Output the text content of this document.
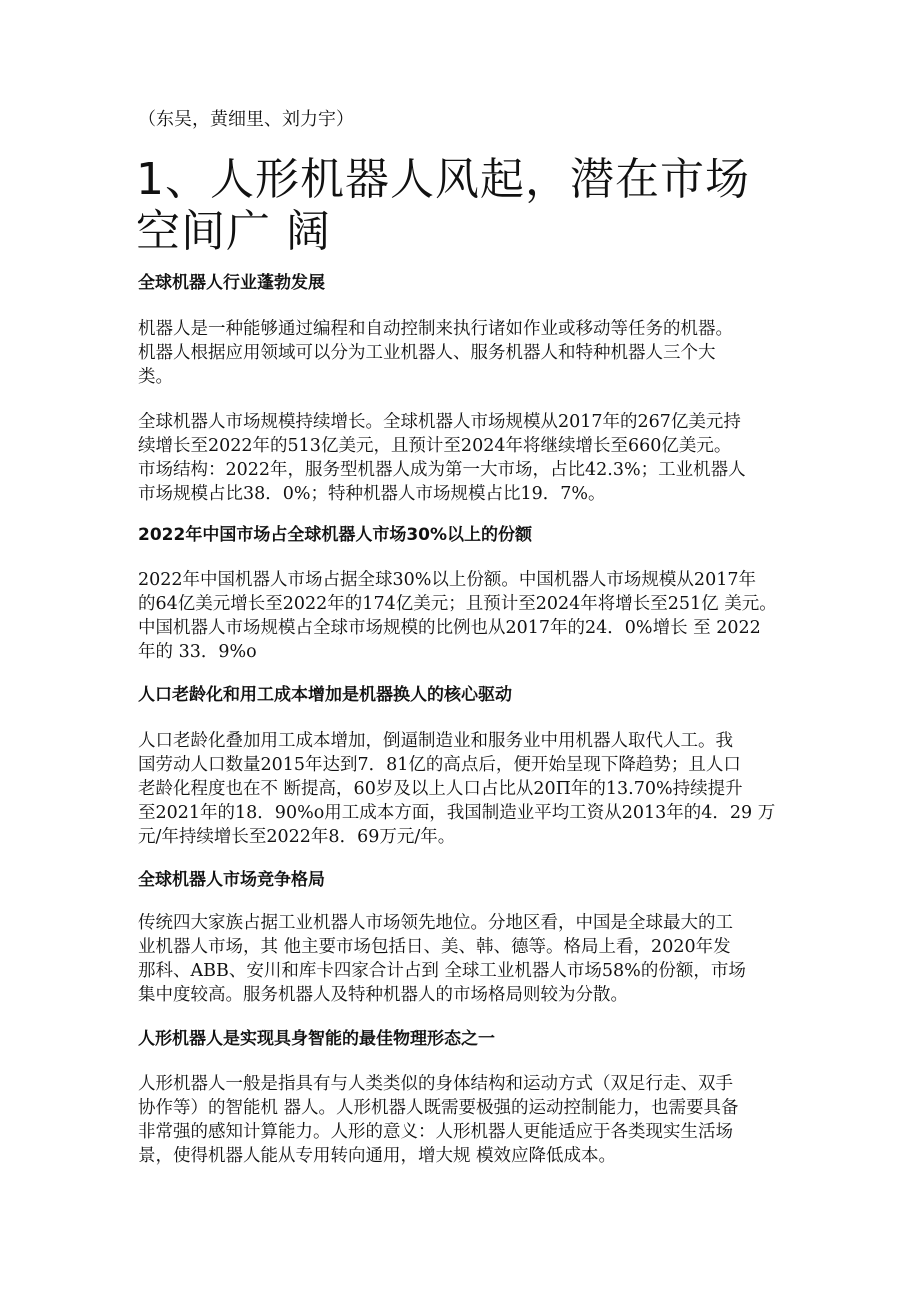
（东吴，黄细里、刘力宇）
1、人形机器人风起，潜在市场
空间广 阔
全球机器人行业蓬勃发展

机器人是一种能够通过编程和自动控制来执行诸如作业或移动等任务的机器。
机器人根据应用领域可以分为工业机器人、服务机器人和特种机器人三个大
类。

全球机器人市场规模持续增长。全球机器人市场规模从2017年的267亿美元持
续增长至2022年的513亿美元，且预计至2024年将继续增长至660亿美元。
市场结构：2022年，服务型机器人成为第一大市场，占比42.3%；工业机器人
市场规模占比38．0%；特种机器人市场规模占比19．7%。

2022年中国市场占全球机器人市场30%以上的份额

2022年中国机器人市场占据全球30%以上份额。中国机器人市场规模从2017年
的64亿美元增长至2022年的174亿美元；且预计至2024年将增长至251亿 美元。
中国机器人市场规模占全球市场规模的比例也从2017年的24．0%增长 至 2022
年的 33．9%o

人口老龄化和用工成本增加是机器换人的核心驱动

人口老龄化叠加用工成本增加，倒逼制造业和服务业中用机器人取代人工。我
国劳动人口数量2015年达到7．81亿的高点后，便开始呈现下降趋势；且人口
老龄化程度也在不 断提高，60岁及以上人口占比从20Π年的13.70%持续提升
至2021年的18．90%o用工成本方面，我国制造业平均工资从2013年的4．29 万
元/年持续增长至2022年8．69万元/年。

全球机器人市场竞争格局

传统四大家族占据工业机器人市场领先地位。分地区看，中国是全球最大的工
业机器人市场，其 他主要市场包括日、美、韩、德等。格局上看，2020年发
那科、ABB、安川和库卡四家合计占到 全球工业机器人市场58%的份额，市场
集中度较高。服务机器人及特种机器人的市场格局则较为分散。

人形机器人是实现具身智能的最佳物理形态之一

人形机器人一般是指具有与人类类似的身体结构和运动方式（双足行走、双手
协作等）的智能机 器人。人形机器人既需要极强的运动控制能力，也需要具备
非常强的感知计算能力。人形的意义：人形机器人更能适应于各类现实生活场
景，使得机器人能从专用转向通用，增大规 模效应降低成本。
